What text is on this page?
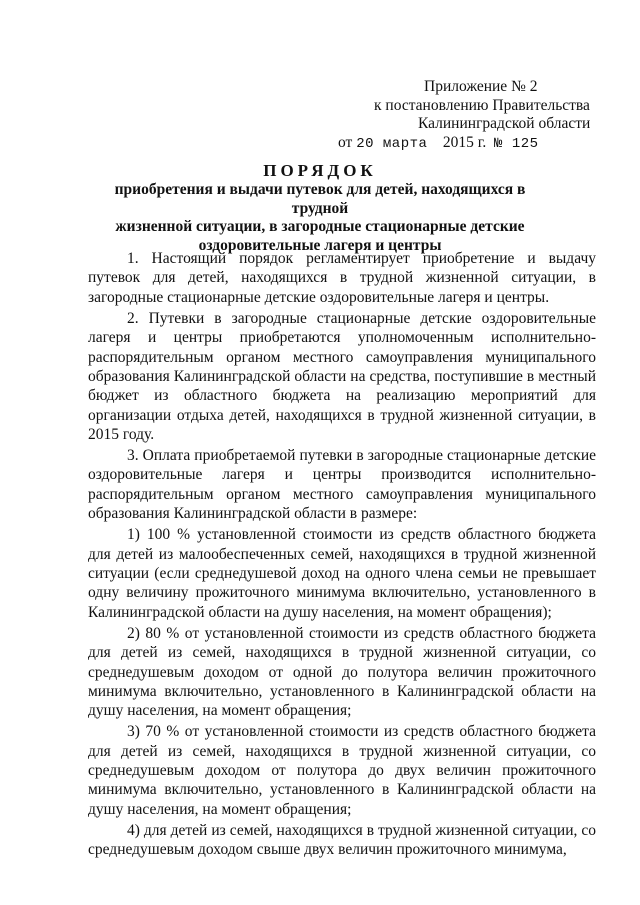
Приложение № 2
к постановлению Правительства
Калининградской области
от 20 марта 2015 г. № 125
ПОРЯДОК
приобретения и выдачи путевок для детей, находящихся в трудной
жизненной ситуации, в загородные стационарные детские
оздоровительные лагеря и центры

1. Настоящий порядок регламентирует приобретение и выдачу путевок для детей, находящихся в трудной жизненной ситуации, в загородные стационарные детские оздоровительные лагеря и центры.

2. Путевки в загородные стационарные детские оздоровительные лагеря и центры приобретаются уполномоченным исполнительно-распорядительным органом местного самоуправления муниципального образования Калининградской области на средства, поступившие в местный бюджет из областного бюджета на реализацию мероприятий для организации отдыха детей, находящихся в трудной жизненной ситуации, в 2015 году.

3. Оплата приобретаемой путевки в загородные стационарные детские оздоровительные лагеря и центры производится исполнительно-распорядительным органом местного самоуправления муниципального образования Калининградской области в размере:

1) 100 % установленной стоимости из средств областного бюджета для детей из малообеспеченных семей, находящихся в трудной жизненной ситуации (если среднедушевой доход на одного члена семьи не превышает одну величину прожиточного минимума включительно, установленного в Калининградской области на душу населения, на момент обращения);

2) 80 % от установленной стоимости из средств областного бюджета для детей из семей, находящихся в трудной жизненной ситуации, со среднедушевым доходом от одной до полутора величин прожиточного минимума включительно, установленного в Калининградской области на душу населения, на момент обращения;

3) 70 % от установленной стоимости из средств областного бюджета для детей из семей, находящихся в трудной жизненной ситуации, со среднедушевым доходом от полутора до двух величин прожиточного минимума включительно, установленного в Калининградской области на душу населения, на момент обращения;

4) для детей из семей, находящихся в трудной жизненной ситуации, со среднедушевым доходом свыше двух величин прожиточного минимума,
